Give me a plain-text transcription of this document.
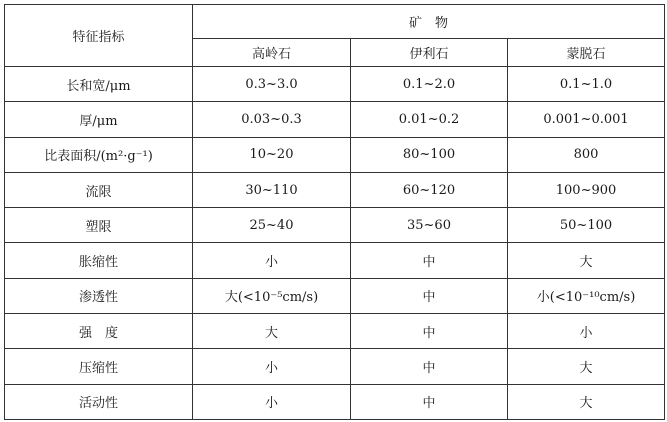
特征指标	矿　物		
	高岭石	伊利石	蒙脱石
长和宽/μm	0.3~3.0	0.1~2.0	0.1~1.0
厚/μm	0.03~0.3	0.01~0.2	0.001~0.001
比表面积/(m²·g⁻¹)	10~20	80~100	800
流限	30~110	60~120	100~900
塑限	25~40	35~60	50~100
胀缩性	小	中	大
渗透性	大(<10⁻⁵cm/s)	中	小(<10⁻¹⁰cm/s)
强　度	大	中	小
压缩性	小	中	大
活动性	小	中	大
